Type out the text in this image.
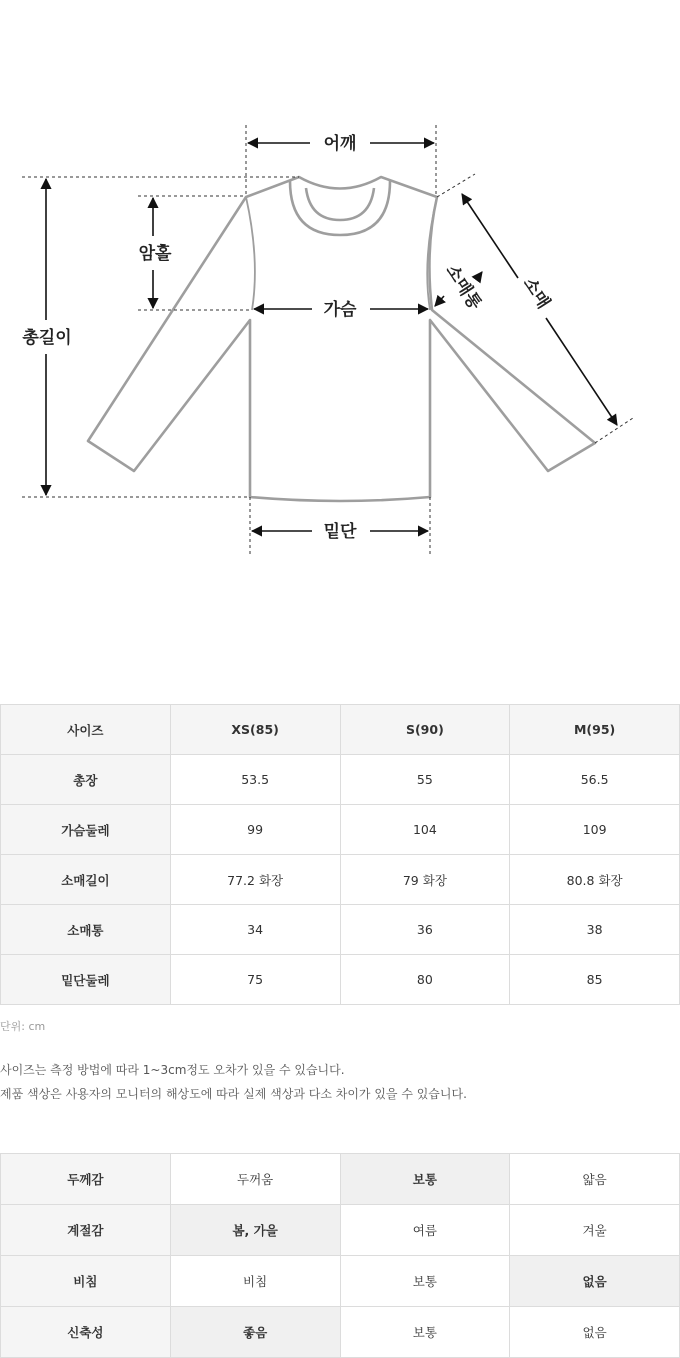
어깨
총길이
암홀
가슴
밑단
소매
소매통
사이즈	XS(85)	S(90)	M(95)
총장	53.5	55	56.5
가슴둘레	99	104	109
소매길이	77.2 화장	79 화장	80.8 화장
소매통	34	36	38
밑단둘레	75	80	85
단위: cm
사이즈는 측정 방법에 따라 1~3cm정도 오차가 있을 수 있습니다.
제품 색상은 사용자의 모니터의 해상도에 따라 실제 색상과 다소 차이가 있을 수 있습니다.
두께감	두꺼움	보통	얇음
계절감	봄, 가을	여름	겨울
비침	비침	보통	없음
신축성	좋음	보통	없음
